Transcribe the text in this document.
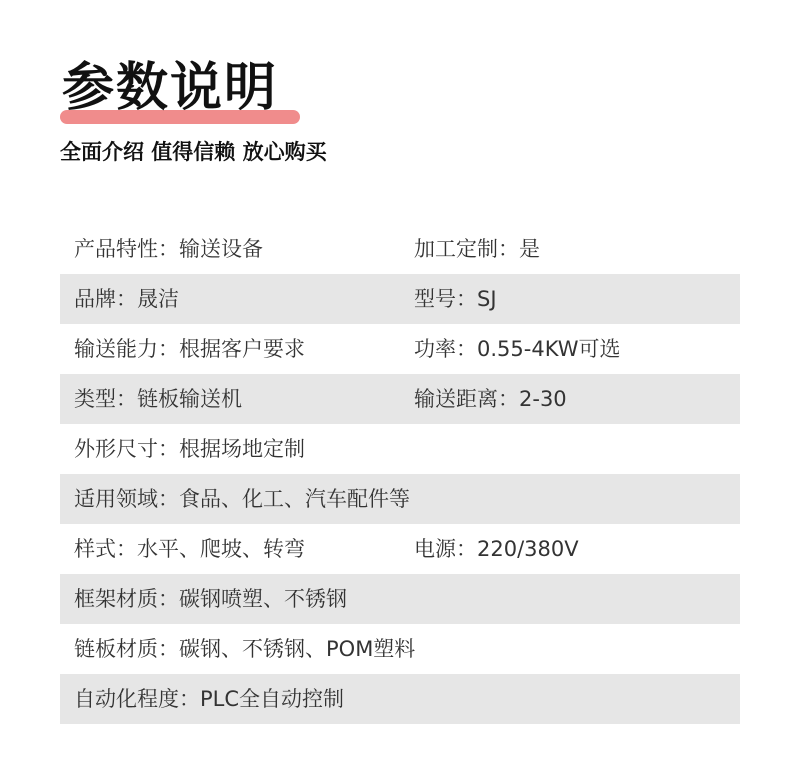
参数说明
全面介绍 值得信赖 放心购买
产品特性：输送设备	加工定制：是
品牌：晟洁	型号：SJ
输送能力：根据客户要求	功率：0.55-4KW可选
类型：链板输送机	输送距离：2-30
外形尺寸：根据场地定制
适用领域：食品、化工、汽车配件等
样式：水平、爬坡、转弯	电源：220/380V
框架材质：碳钢喷塑、不锈钢
链板材质：碳钢、不锈钢、POM塑料
自动化程度：PLC全自动控制
